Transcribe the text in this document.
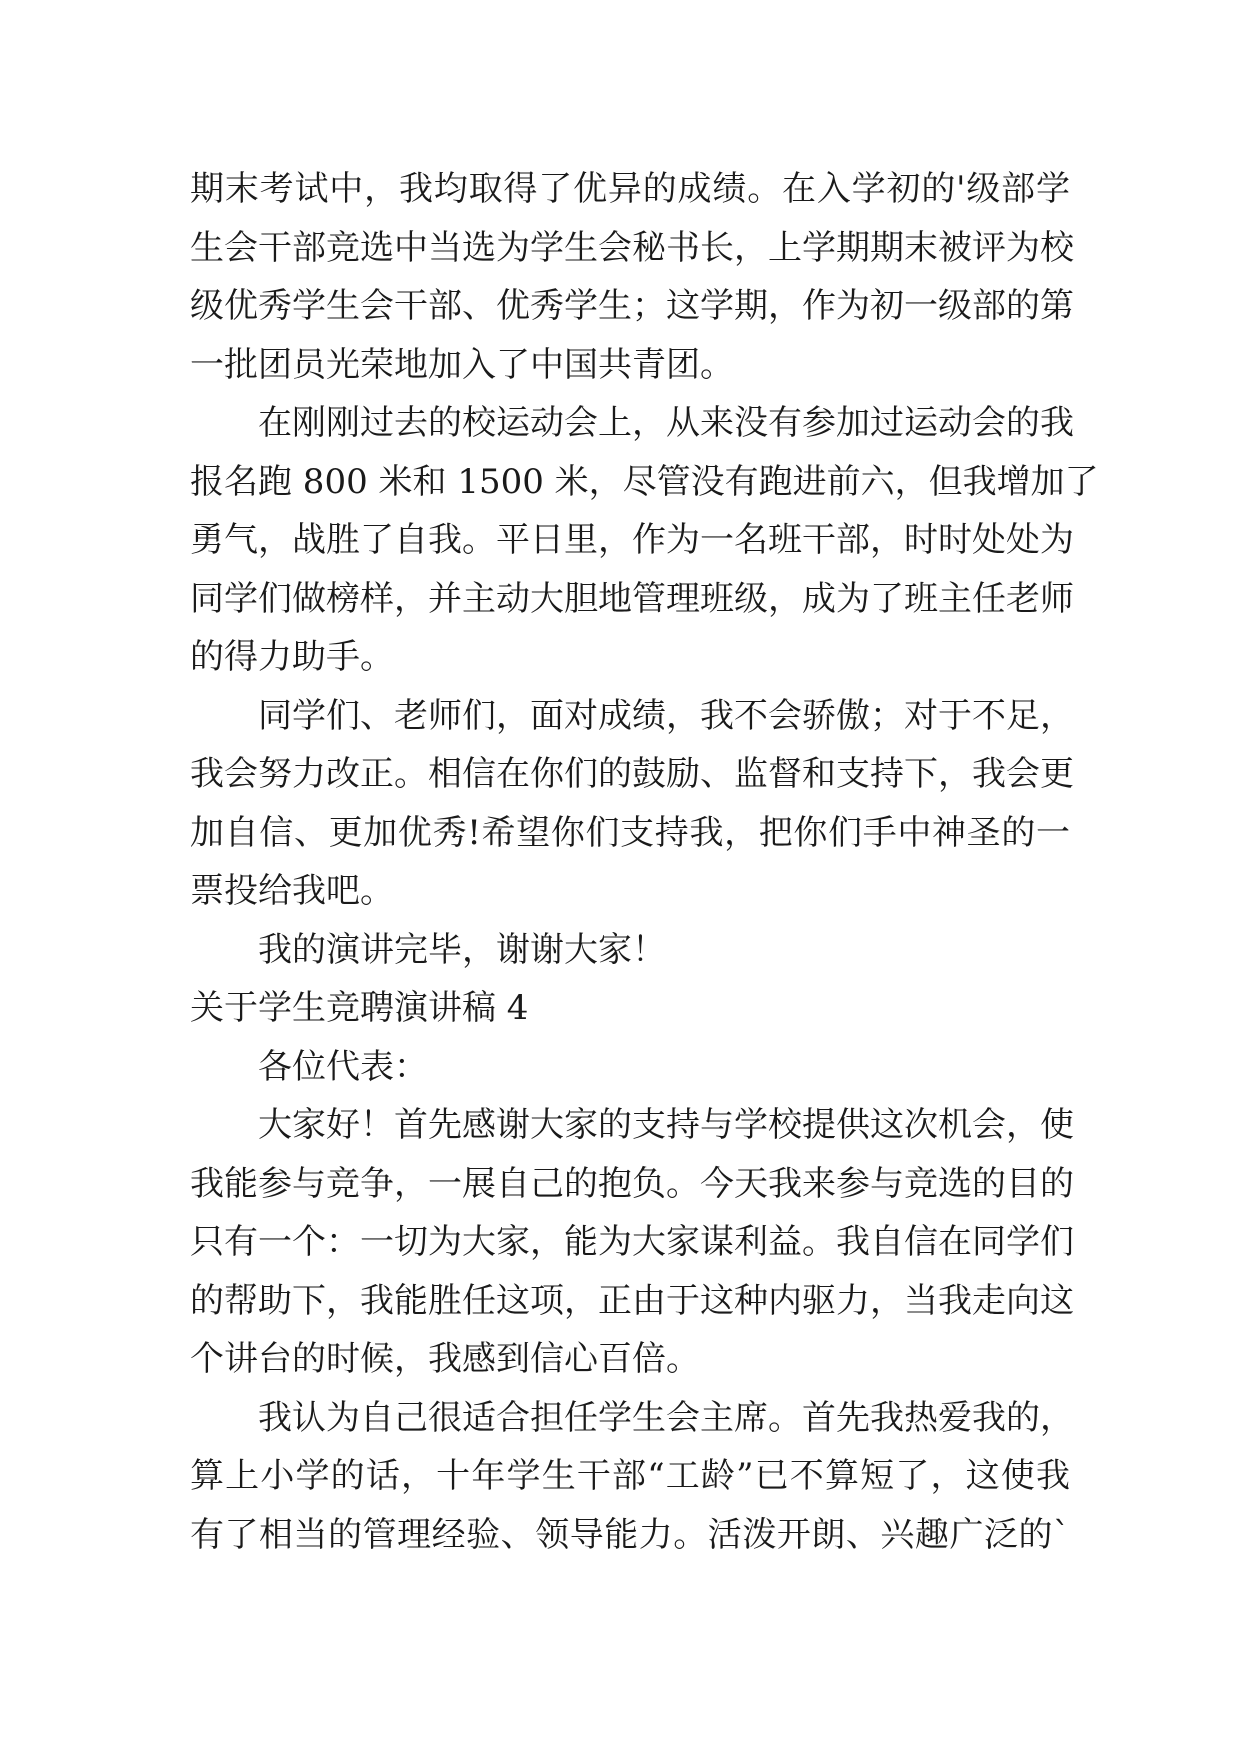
期末考试中，我均取得了优异的成绩。在入学初的'级部学
生会干部竞选中当选为学生会秘书长，上学期期末被评为校
级优秀学生会干部、优秀学生；这学期，作为初一级部的第
一批团员光荣地加入了中国共青团。
在刚刚过去的校运动会上，从来没有参加过运动会的我
报名跑 800 米和 1500 米，尽管没有跑进前六，但我增加了
勇气，战胜了自我。平日里，作为一名班干部，时时处处为
同学们做榜样，并主动大胆地管理班级，成为了班主任老师
的得力助手。
同学们、老师们，面对成绩，我不会骄傲；对于不足，
我会努力改正。相信在你们的鼓励、监督和支持下，我会更
加自信、更加优秀!希望你们支持我，把你们手中神圣的一
票投给我吧。
我的演讲完毕，谢谢大家！
关于学生竞聘演讲稿 4
各位代表：
大家好！首先感谢大家的支持与学校提供这次机会，使
我能参与竞争，一展自己的抱负。今天我来参与竞选的目的
只有一个：一切为大家，能为大家谋利益。我自信在同学们
的帮助下，我能胜任这项，正由于这种内驱力，当我走向这
个讲台的时候，我感到信心百倍。
我认为自己很适合担任学生会主席。首先我热爱我的，
算上小学的话，十年学生干部“工龄”已不算短了，这使我
有了相当的管理经验、领导能力。活泼开朗、兴趣广泛的`
